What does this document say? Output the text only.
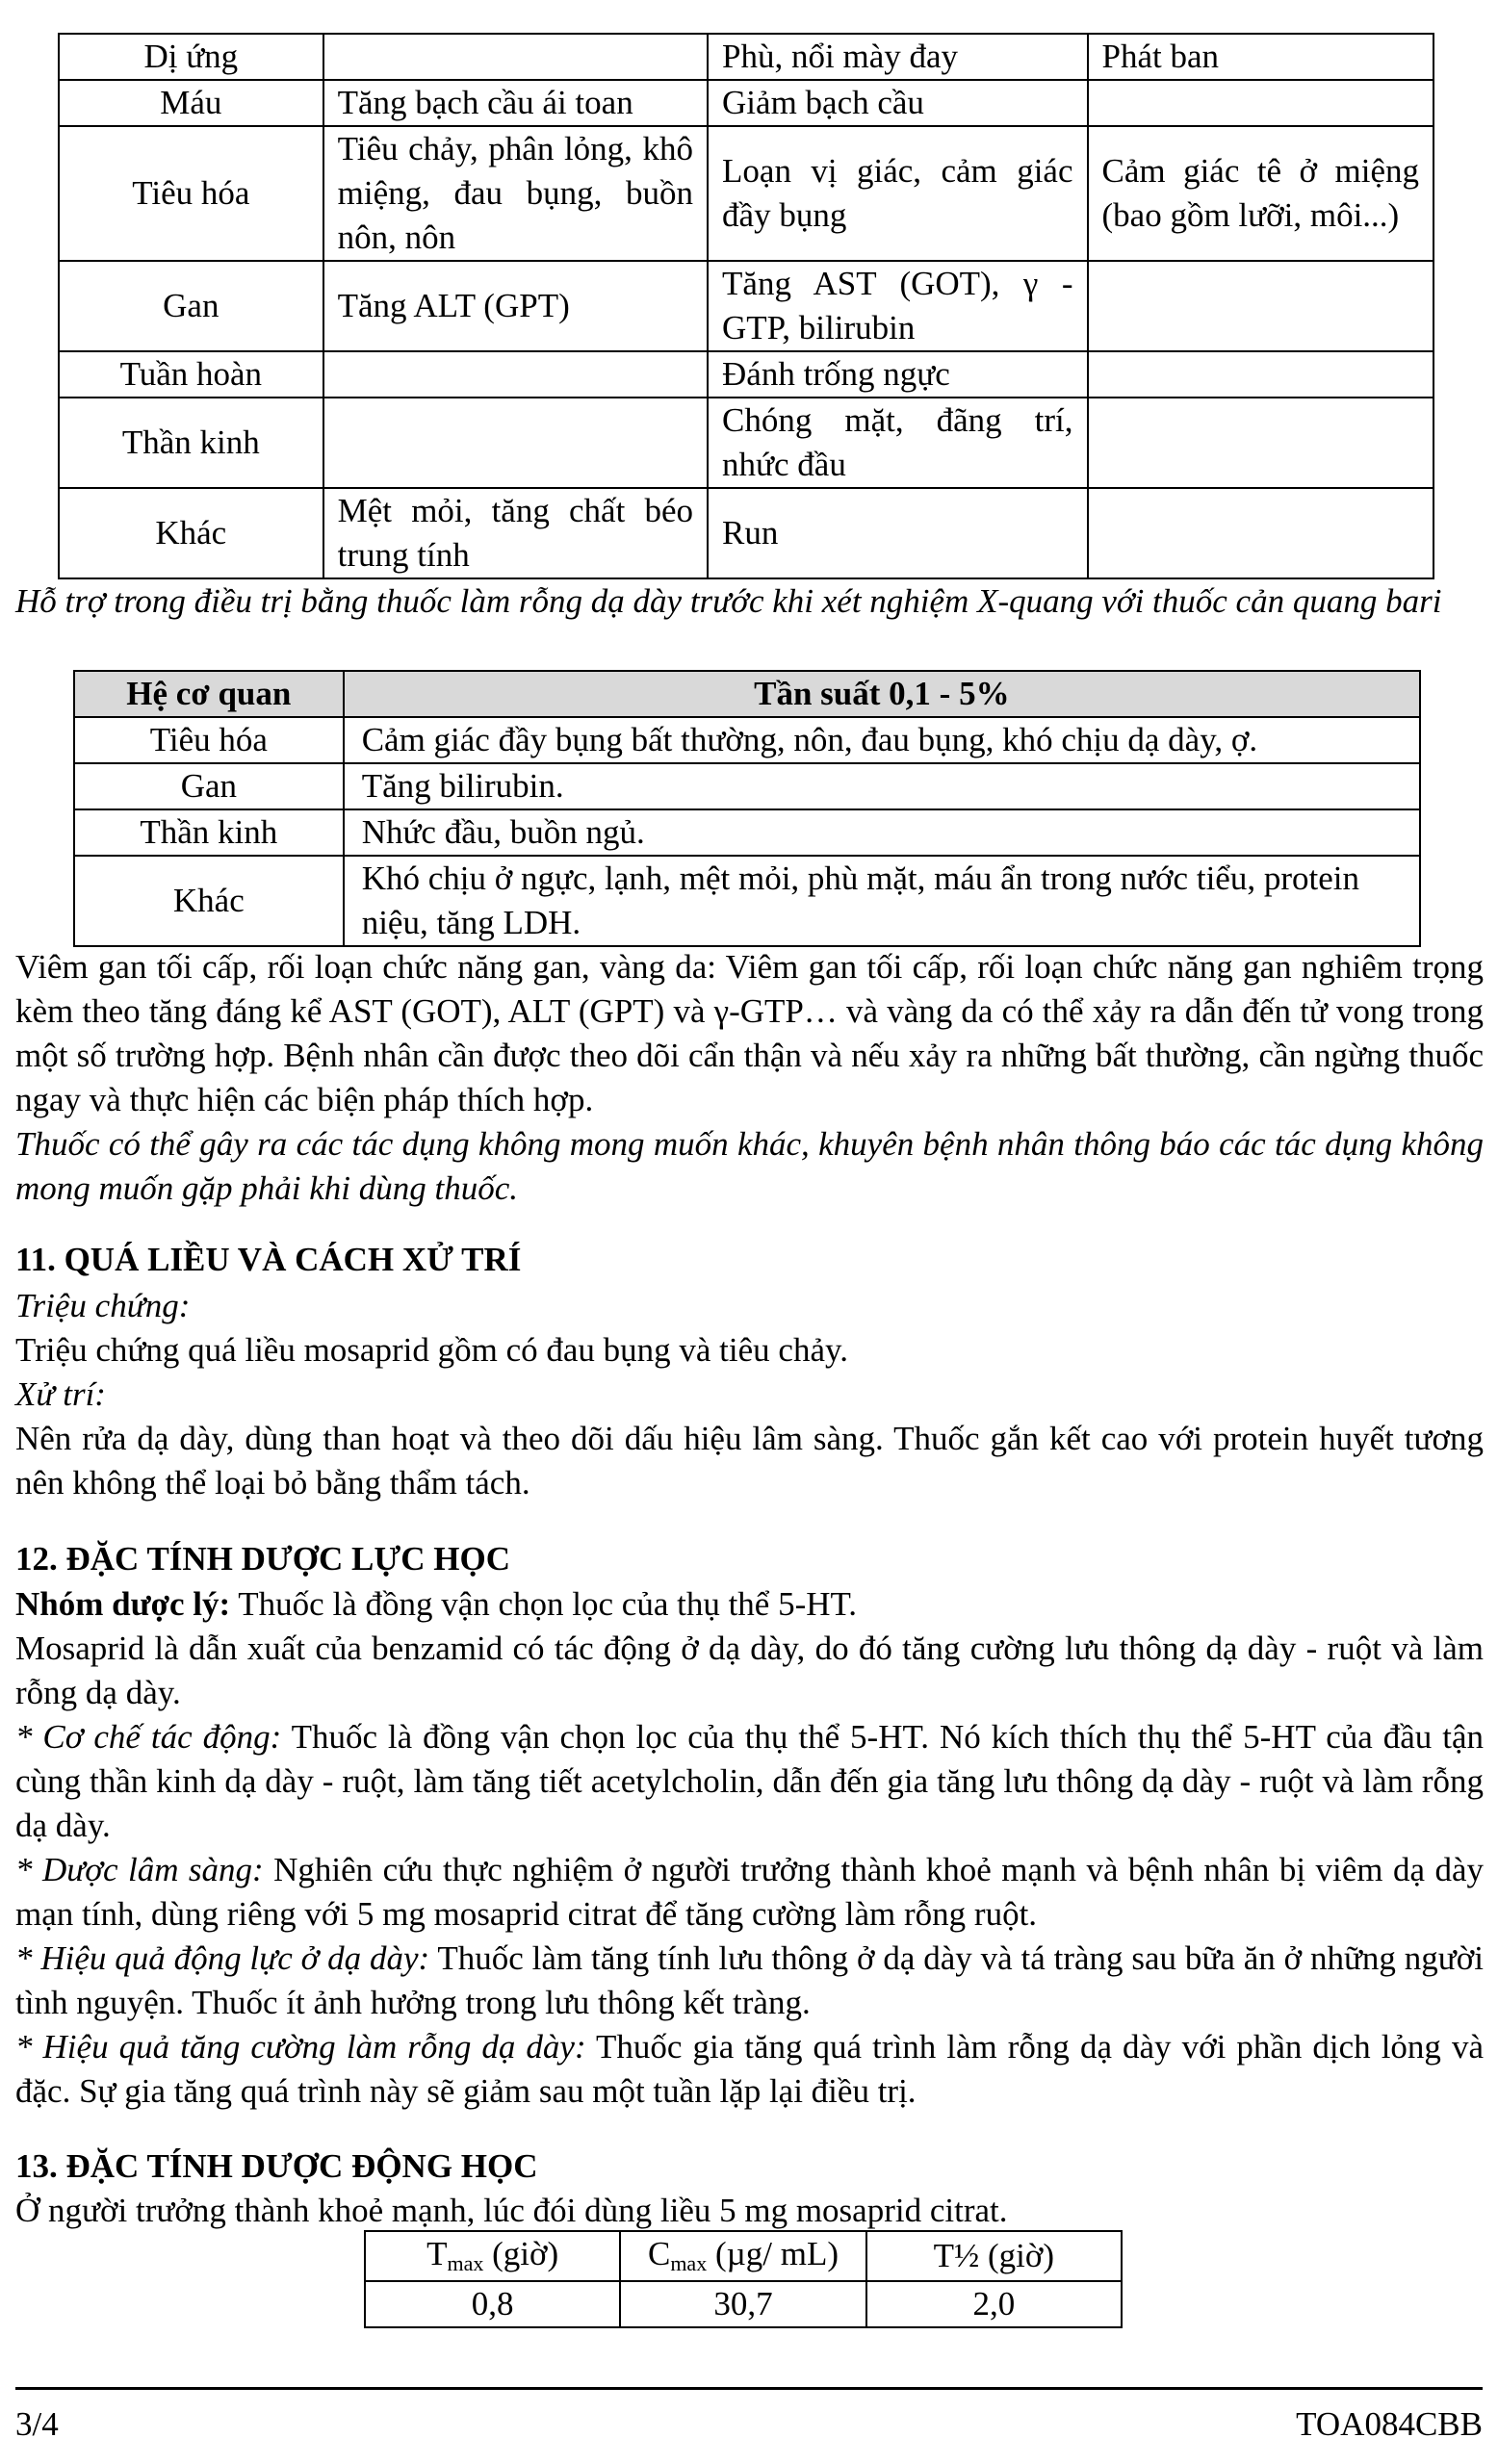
Dị ứng		Phù, nổi mày đay	Phát ban
Máu	Tăng bạch cầu ái toan	Giảm bạch cầu	
Tiêu hóa	Tiêu chảy, phân lỏng, khô miệng, đau bụng, buồn nôn, nôn	Loạn vị giác, cảm giác đầy bụng	Cảm giác tê ở miệng (bao gồm lưỡi, môi...)
Gan	Tăng ALT (GPT)	Tăng AST (GOT), γ - GTP, bilirubin	
Tuần hoàn		Đánh trống ngực	
Thần kinh		Chóng mặt, đãng trí, nhức đầu	
Khác	Mệt mỏi, tăng chất béo trung tính	Run	
Hỗ trợ trong điều trị bằng thuốc làm rỗng dạ dày trước khi xét nghiệm X-quang với thuốc cản quang bari
Hệ cơ quan	Tần suất 0,1 - 5%
Tiêu hóa	Cảm giác đầy bụng bất thường, nôn, đau bụng, khó chịu dạ dày, ợ.
Gan	Tăng bilirubin.
Thần kinh	Nhức đầu, buồn ngủ.
Khác	Khó chịu ở ngực, lạnh, mệt mỏi, phù mặt, máu ẩn trong nước tiểu, protein niệu, tăng LDH.
Viêm gan tối cấp, rối loạn chức năng gan, vàng da: Viêm gan tối cấp, rối loạn chức năng gan nghiêm trọng kèm theo tăng đáng kể AST (GOT), ALT (GPT) và γ-GTP… và vàng da có thể xảy ra dẫn đến tử vong trong một số trường hợp. Bệnh nhân cần được theo dõi cẩn thận và nếu xảy ra những bất thường, cần ngừng thuốc ngay và thực hiện các biện pháp thích hợp.
Thuốc có thể gây ra các tác dụng không mong muốn khác, khuyên bệnh nhân thông báo các tác dụng không mong muốn gặp phải khi dùng thuốc.
11. QUÁ LIỀU VÀ CÁCH XỬ TRÍ
Triệu chứng:
Triệu chứng quá liều mosaprid gồm có đau bụng và tiêu chảy.
Xử trí:
Nên rửa dạ dày, dùng than hoạt và theo dõi dấu hiệu lâm sàng. Thuốc gắn kết cao với protein huyết tương nên không thể loại bỏ bằng thẩm tách.
12. ĐẶC TÍNH DƯỢC LỰC HỌC
Nhóm dược lý: Thuốc là đồng vận chọn lọc của thụ thể 5-HT.
Mosaprid là dẫn xuất của benzamid có tác động ở dạ dày, do đó tăng cường lưu thông dạ dày - ruột và làm rỗng dạ dày.
* Cơ chế tác động: Thuốc là đồng vận chọn lọc của thụ thể 5-HT. Nó kích thích thụ thể 5-HT của đầu tận cùng thần kinh dạ dày - ruột, làm tăng tiết acetylcholin, dẫn đến gia tăng lưu thông dạ dày - ruột và làm rỗng dạ dày.
* Dược lâm sàng: Nghiên cứu thực nghiệm ở người trưởng thành khoẻ mạnh và bệnh nhân bị viêm dạ dày mạn tính, dùng riêng với 5 mg mosaprid citrat để tăng cường làm rỗng ruột.
* Hiệu quả động lực ở dạ dày: Thuốc làm tăng tính lưu thông ở dạ dày và tá tràng sau bữa ăn ở những người tình nguyện. Thuốc ít ảnh hưởng trong lưu thông kết tràng.
* Hiệu quả tăng cường làm rỗng dạ dày: Thuốc gia tăng quá trình làm rỗng dạ dày với phần dịch lỏng và đặc. Sự gia tăng quá trình này sẽ giảm sau một tuần lặp lại điều trị.
13. ĐẶC TÍNH DƯỢC ĐỘNG HỌC
Ở người trưởng thành khoẻ mạnh, lúc đói dùng liều 5 mg mosaprid citrat.
$T_{max}$ (giờ)	$C_{max}$ (µg/ mL)	T½ (giờ)
0,8	30,7	2,0
3/4	TOA084CBB
